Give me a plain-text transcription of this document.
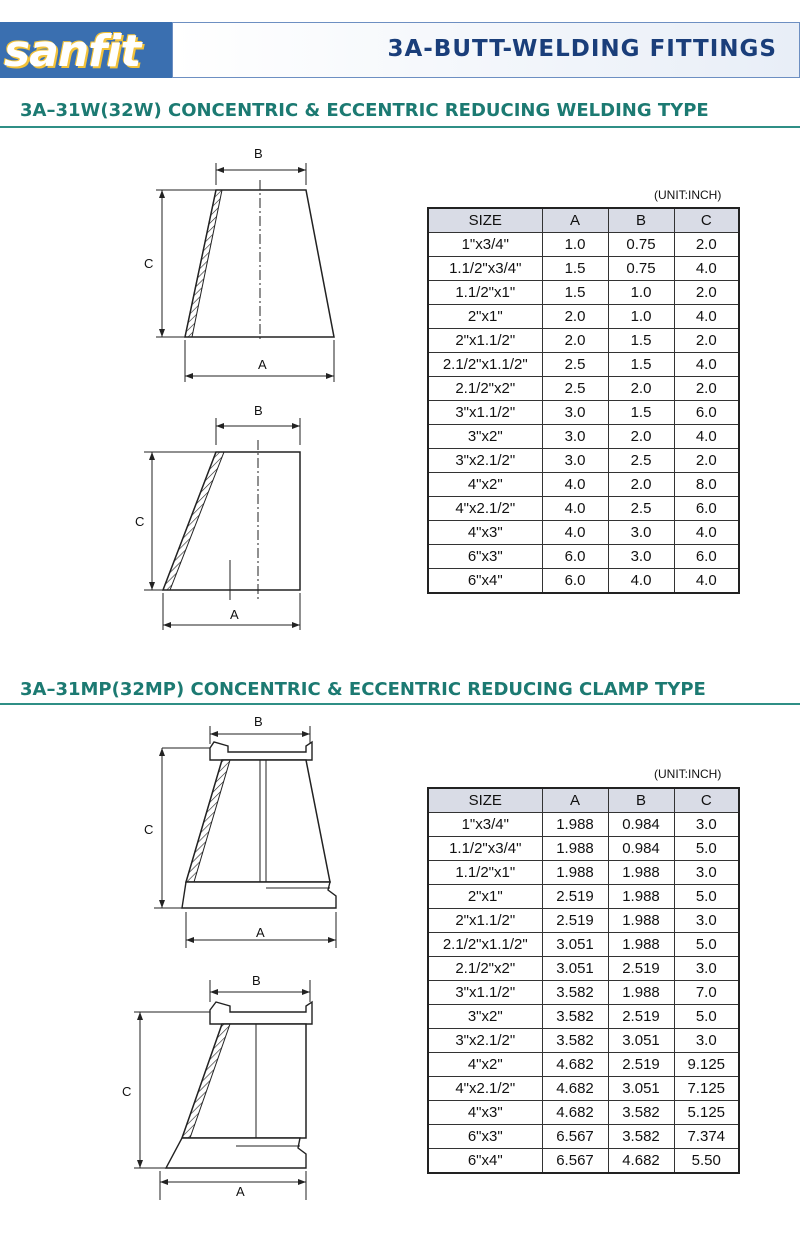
sanfit	3A-BUTT-WELDING FITTINGS
3A–31W(32W) CONCENTRIC & ECCENTRIC REDUCING WELDING TYPE
B
C
A
B
C
A
(UNIT:INCH)
SIZE	A	B	C
1"x3/4"	1.0	0.75	2.0
1.1/2"x3/4"	1.5	0.75	4.0
1.1/2"x1"	1.5	1.0	2.0
2"x1"	2.0	1.0	4.0
2"x1.1/2"	2.0	1.5	2.0
2.1/2"x1.1/2"	2.5	1.5	4.0
2.1/2"x2"	2.5	2.0	2.0
3"x1.1/2"	3.0	1.5	6.0
3"x2"	3.0	2.0	4.0
3"x2.1/2"	3.0	2.5	2.0
4"x2"	4.0	2.0	8.0
4"x2.1/2"	4.0	2.5	6.0
4"x3"	4.0	3.0	4.0
6"x3"	6.0	3.0	6.0
6"x4"	6.0	4.0	4.0
3A–31MP(32MP) CONCENTRIC & ECCENTRIC REDUCING CLAMP TYPE
B
C
A
B
C
A
(UNIT:INCH)
SIZE	A	B	C
1"x3/4"	1.988	0.984	3.0
1.1/2"x3/4"	1.988	0.984	5.0
1.1/2"x1"	1.988	1.988	3.0
2"x1"	2.519	1.988	5.0
2"x1.1/2"	2.519	1.988	3.0
2.1/2"x1.1/2"	3.051	1.988	5.0
2.1/2"x2"	3.051	2.519	3.0
3"x1.1/2"	3.582	1.988	7.0
3"x2"	3.582	2.519	5.0
3"x2.1/2"	3.582	3.051	3.0
4"x2"	4.682	2.519	9.125
4"x2.1/2"	4.682	3.051	7.125
4"x3"	4.682	3.582	5.125
6"x3"	6.567	3.582	7.374
6"x4"	6.567	4.682	5.50
